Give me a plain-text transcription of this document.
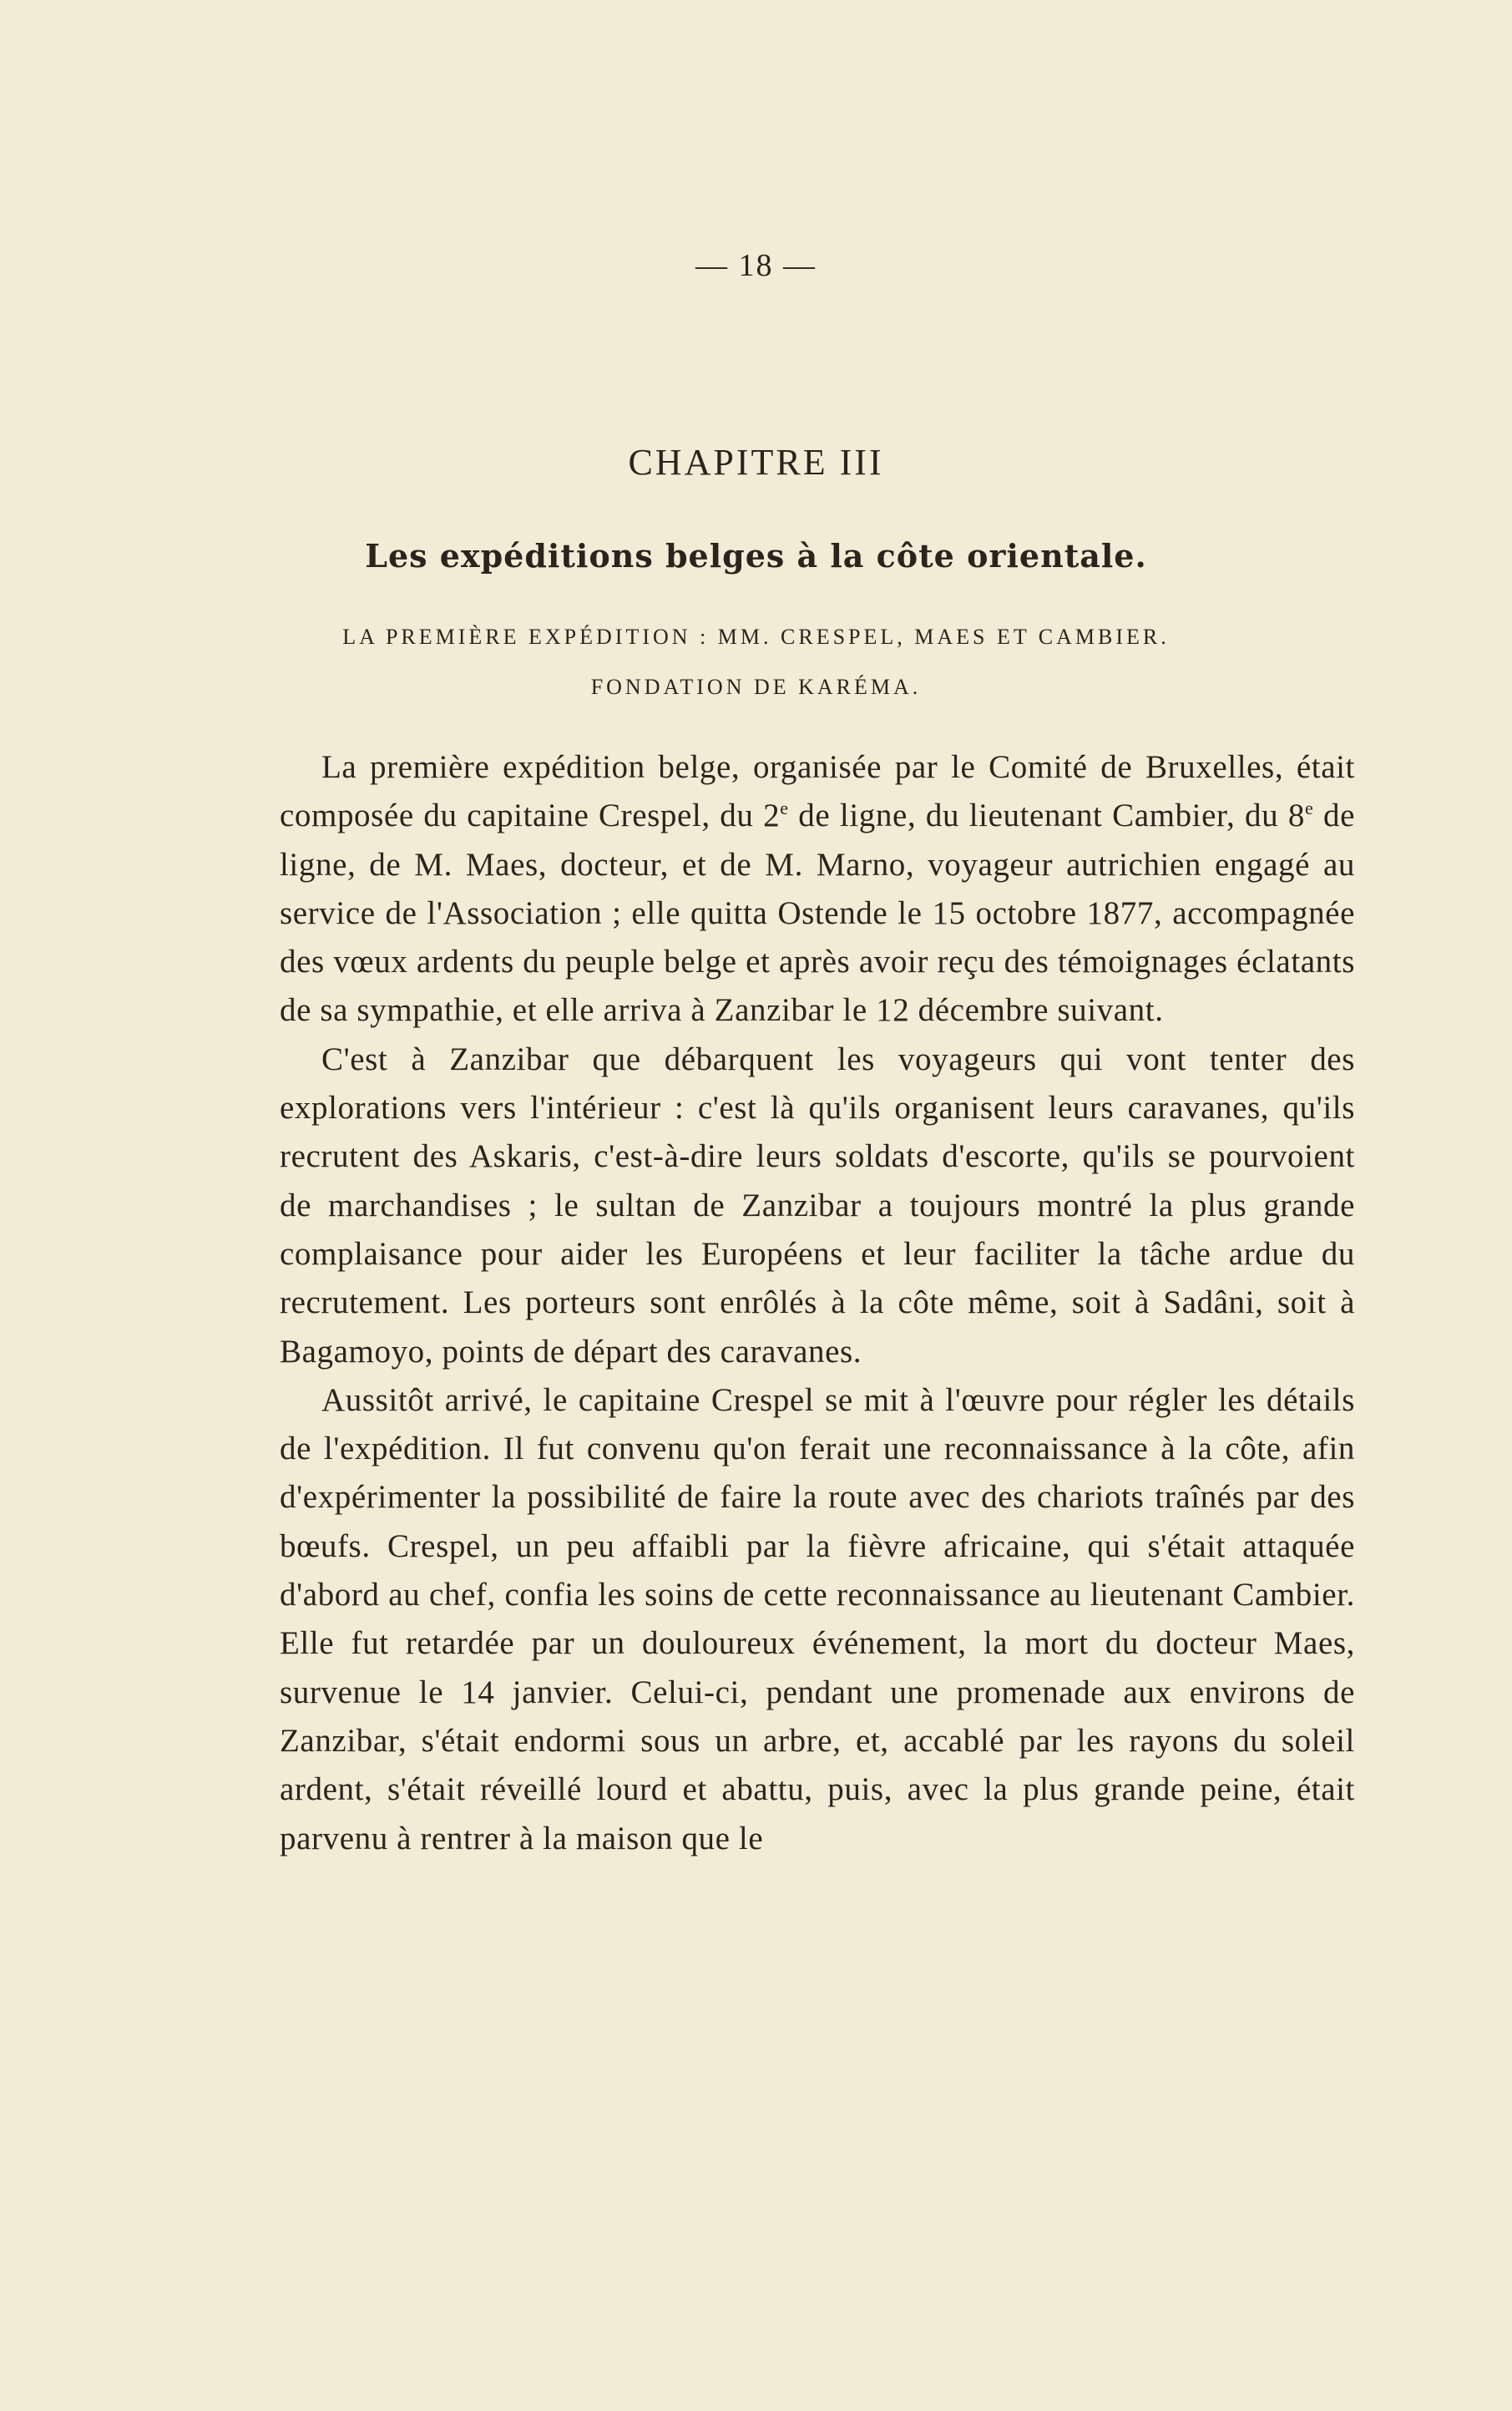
— 18 —
CHAPITRE III
Les expéditions belges à la côte orientale.
LA PREMIÈRE EXPÉDITION : MM. CRESPEL, MAES ET CAMBIER.
FONDATION DE KARÉMA.

La première expédition belge, organisée par le Comité de Bruxelles, était composée du capitaine Crespel, du 2e de ligne, du lieutenant Cambier, du 8e de ligne, de M. Maes, docteur, et de M. Marno, voyageur autrichien engagé au service de l'Association ; elle quitta Ostende le 15 octobre 1877, accompagnée des vœux ardents du peuple belge et après avoir reçu des témoignages éclatants de sa sympathie, et elle arriva à Zanzibar le 12 décembre suivant.

C'est à Zanzibar que débarquent les voyageurs qui vont tenter des explorations vers l'intérieur : c'est là qu'ils organisent leurs caravanes, qu'ils recrutent des Askaris, c'est-à-dire leurs soldats d'escorte, qu'ils se pourvoient de marchandises ; le sultan de Zanzibar a toujours montré la plus grande complaisance pour aider les Européens et leur faciliter la tâche ardue du recrutement. Les porteurs sont enrôlés à la côte même, soit à Sadâni, soit à Bagamoyo, points de départ des caravanes.

Aussitôt arrivé, le capitaine Crespel se mit à l'œuvre pour régler les détails de l'expédition. Il fut convenu qu'on ferait une reconnaissance à la côte, afin d'expérimenter la possibilité de faire la route avec des chariots traînés par des bœufs. Crespel, un peu affaibli par la fièvre africaine, qui s'était attaquée d'abord au chef, confia les soins de cette reconnaissance au lieutenant Cambier. Elle fut retardée par un douloureux événement, la mort du docteur Maes, survenue le 14 janvier. Celui-ci, pendant une promenade aux environs de Zanzibar, s'était endormi sous un arbre, et, accablé par les rayons du soleil ardent, s'était réveillé lourd et abattu, puis, avec la plus grande peine, était parvenu à rentrer à la maison que le
